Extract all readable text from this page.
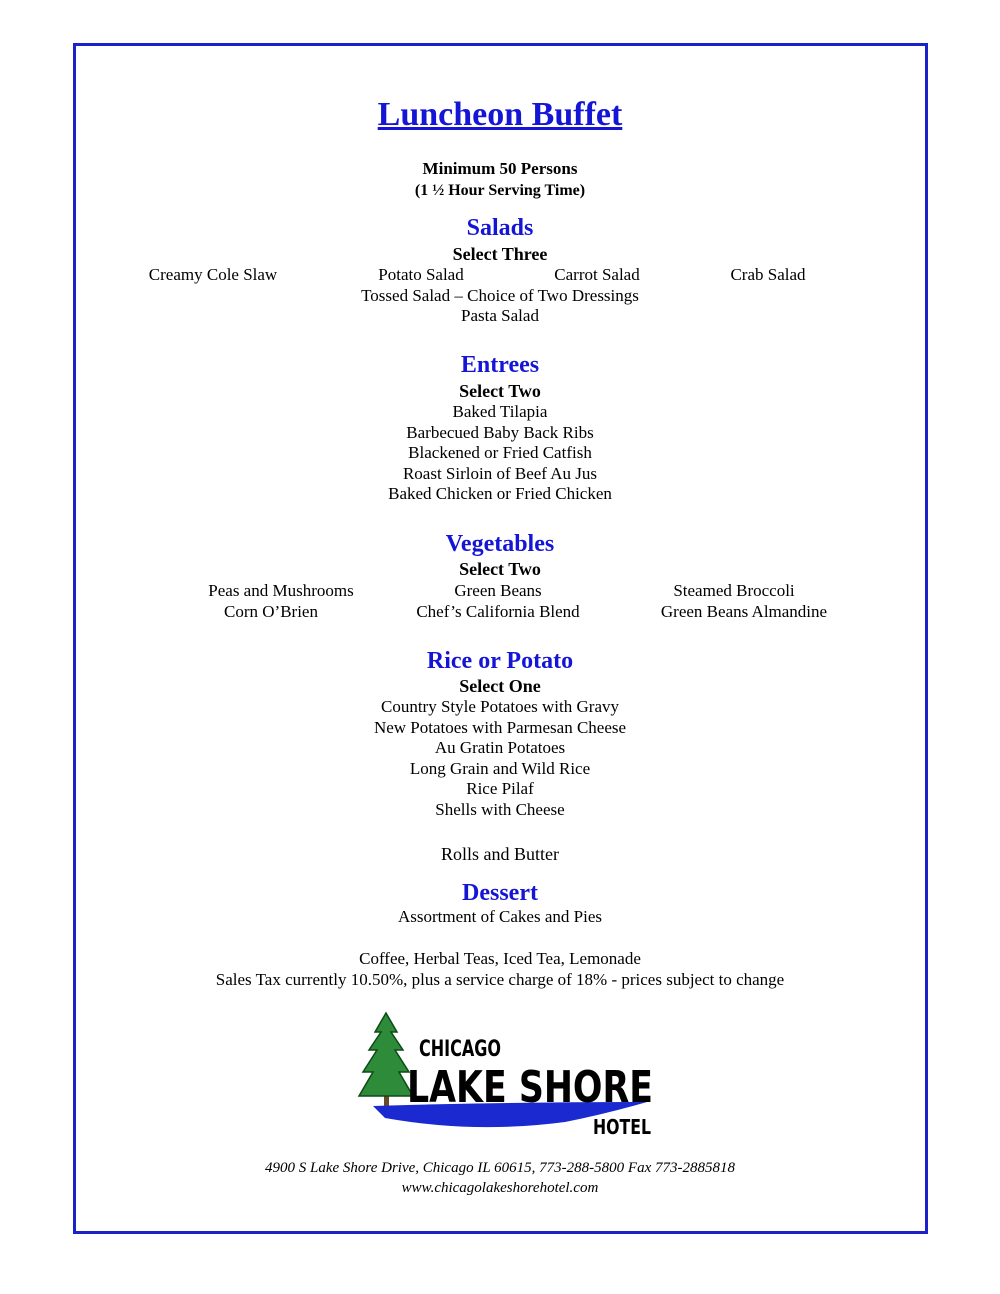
Luncheon Buffet
Minimum 50 Persons
(1 ½ Hour Serving Time)
Salads
Select Three
Creamy Cole Slaw	Potato Salad	Carrot Salad	Crab Salad
Tossed Salad – Choice of Two Dressings
Pasta Salad
Entrees
Select Two
Baked Tilapia
Barbecued Baby Back Ribs
Blackened or Fried Catfish
Roast Sirloin of Beef Au Jus
Baked Chicken or Fried Chicken
Vegetables
Select Two
Peas and Mushrooms	Green Beans	Steamed Broccoli
Corn O’Brien	Chef’s California Blend	Green Beans Almandine
Rice or Potato
Select One
Country Style Potatoes with Gravy
New Potatoes with Parmesan Cheese
Au Gratin Potatoes
Long Grain and Wild Rice
Rice Pilaf
Shells with Cheese
Rolls and Butter
Dessert
Assortment of Cakes and Pies
Coffee, Herbal Teas, Iced Tea, Lemonade
Sales Tax currently 10.50%, plus a service charge of 18% - prices subject to change
CHICAGO
LAKE SHORE
HOTEL
4900 S Lake Shore Drive, Chicago IL 60615, 773-288-5800 Fax 773-2885818
www.chicagolakeshorehotel.com
